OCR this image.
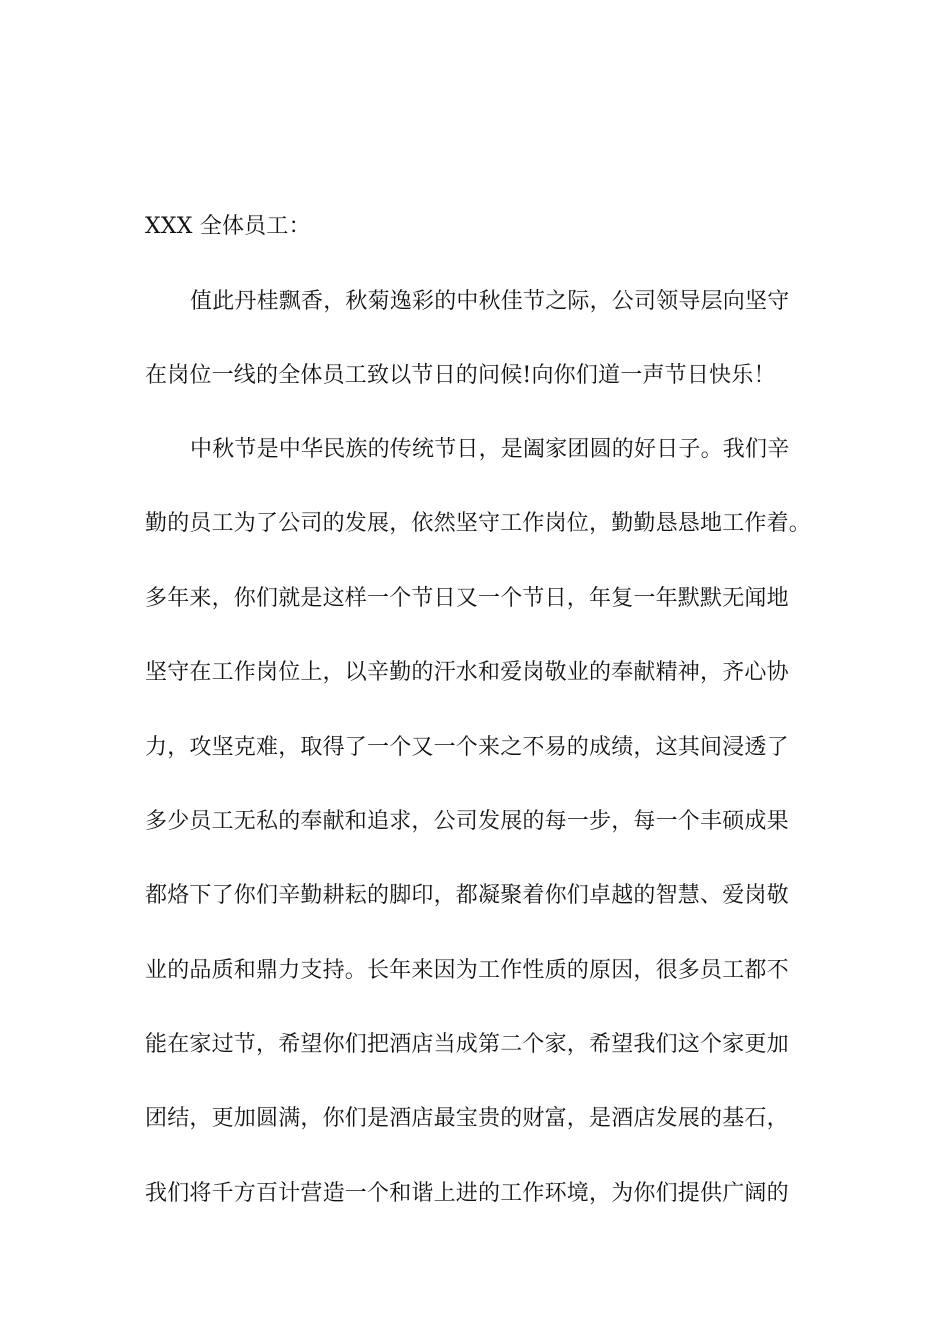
XXX 全体员工：
值此丹桂飘香，秋菊逸彩的中秋佳节之际，公司领导层向坚守
在岗位一线的全体员工致以节日的问候!向你们道一声节日快乐！
中秋节是中华民族的传统节日，是阖家团圆的好日子。我们辛
勤的员工为了公司的发展，依然坚守工作岗位，勤勤恳恳地工作着。
多年来，你们就是这样一个节日又一个节日，年复一年默默无闻地
坚守在工作岗位上，以辛勤的汗水和爱岗敬业的奉献精神，齐心协
力，攻坚克难，取得了一个又一个来之不易的成绩，这其间浸透了
多少员工无私的奉献和追求，公司发展的每一步，每一个丰硕成果
都烙下了你们辛勤耕耘的脚印，都凝聚着你们卓越的智慧、爱岗敬
业的品质和鼎力支持。长年来因为工作性质的原因，很多员工都不
能在家过节，希望你们把酒店当成第二个家，希望我们这个家更加
团结，更加圆满，你们是酒店最宝贵的财富，是酒店发展的基石，
我们将千方百计营造一个和谐上进的工作环境，为你们提供广阔的
